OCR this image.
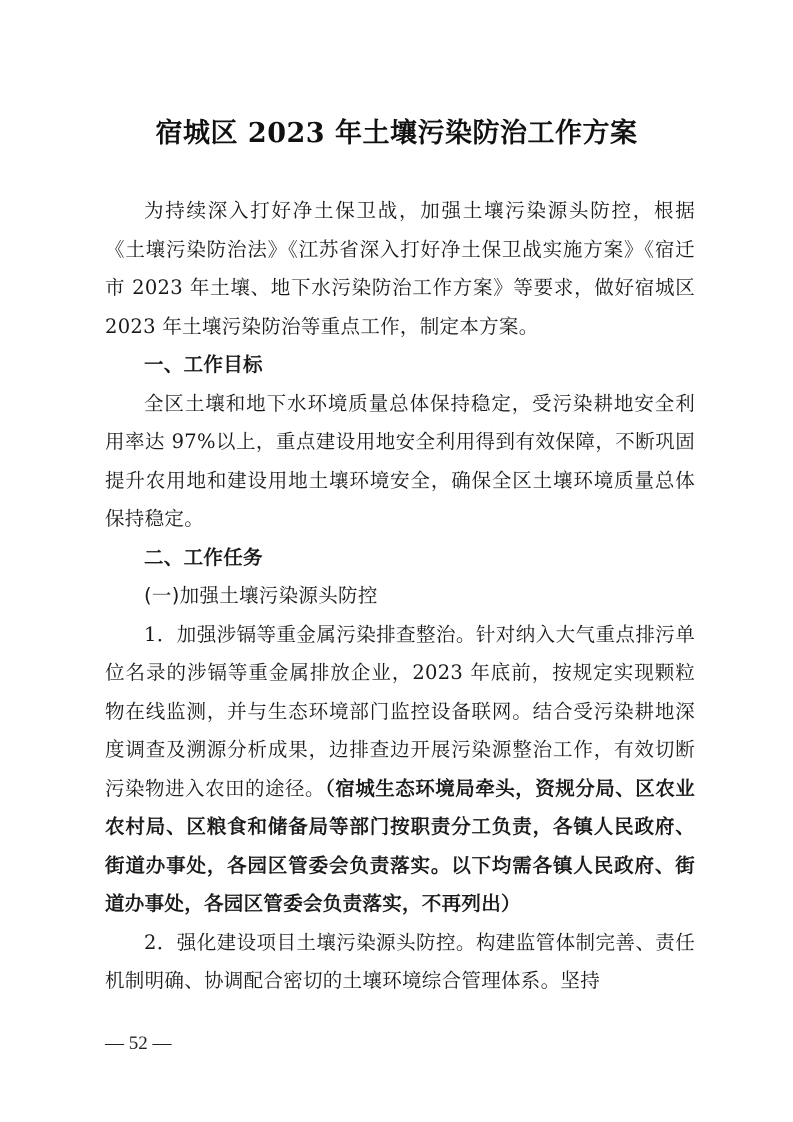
宿城区 2023 年土壤污染防治工作方案

为持续深入打好净土保卫战，加强土壤污染源头防控，根据《土壤污染防治法》《江苏省深入打好净土保卫战实施方案》《宿迁市 2023 年土壤、地下水污染防治工作方案》等要求，做好宿城区 2023 年土壤污染防治等重点工作，制定本方案。

一、工作目标

全区土壤和地下水环境质量总体保持稳定，受污染耕地安全利用率达 97%以上，重点建设用地安全利用得到有效保障，不断巩固提升农用地和建设用地土壤环境安全，确保全区土壤环境质量总体保持稳定。

二、工作任务

(一)加强土壤污染源头防控

1．加强涉镉等重金属污染排查整治。针对纳入大气重点排污单位名录的涉镉等重金属排放企业，2023 年底前，按规定实现颗粒物在线监测，并与生态环境部门监控设备联网。结合受污染耕地深度调查及溯源分析成果，边排查边开展污染源整治工作，有效切断污染物进入农田的途径。（宿城生态环境局牵头，资规分局、区农业农村局、区粮食和储备局等部门按职责分工负责，各镇人民政府、街道办事处，各园区管委会负责落实。以下均需各镇人民政府、街道办事处，各园区管委会负责落实，不再列出）

2．强化建设项目土壤污染源头防控。构建监管体制完善、责任机制明确、协调配合密切的土壤环境综合管理体系。坚持

— 52 —
